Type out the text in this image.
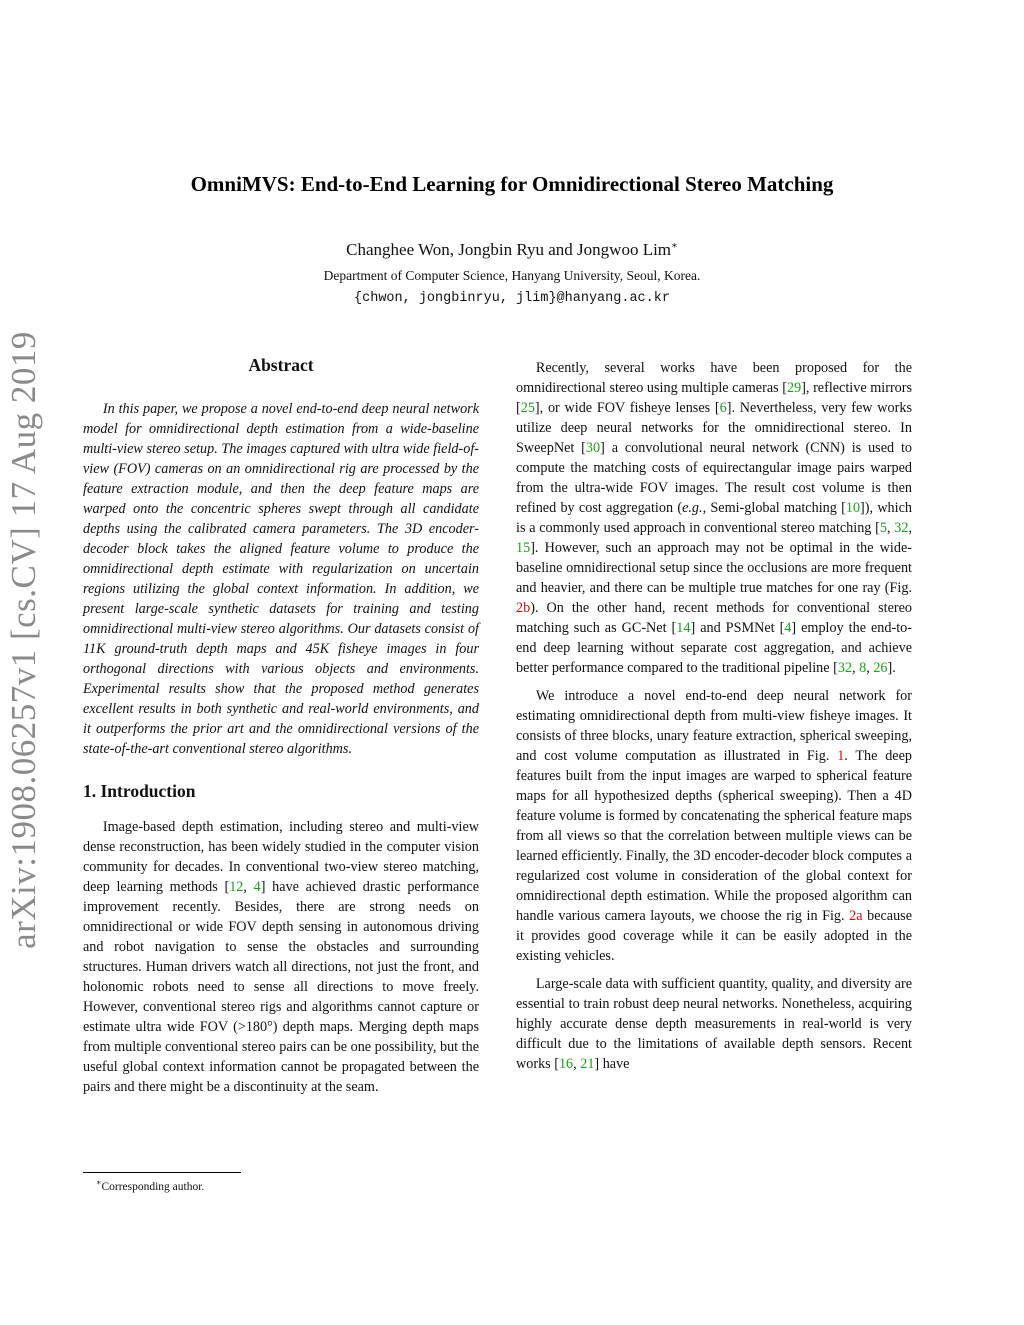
arXiv:1908.06257v1 [cs.CV] 17 Aug 2019
OmniMVS: End-to-End Learning for Omnidirectional Stereo Matching
Changhee Won, Jongbin Ryu and Jongwoo Lim∗
Department of Computer Science, Hanyang University, Seoul, Korea.
{chwon, jongbinryu, jlim}@hanyang.ac.kr
Abstract

In this paper, we propose a novel end-to-end deep neural network model for omnidirectional depth estimation from a wide-baseline multi-view stereo setup. The images captured with ultra wide field-of-view (FOV) cameras on an omnidirectional rig are processed by the feature extraction module, and then the deep feature maps are warped onto the concentric spheres swept through all candidate depths using the calibrated camera parameters. The 3D encoder-decoder block takes the aligned feature volume to produce the omnidirectional depth estimate with regularization on uncertain regions utilizing the global context information. In addition, we present large-scale synthetic datasets for training and testing omnidirectional multi-view stereo algorithms. Our datasets consist of 11K ground-truth depth maps and 45K fisheye images in four orthogonal directions with various objects and environments. Experimental results show that the proposed method generates excellent results in both synthetic and real-world environments, and it outperforms the prior art and the omnidirectional versions of the state-of-the-art conventional stereo algorithms.

1. Introduction

Image-based depth estimation, including stereo and multi-view dense reconstruction, has been widely studied in the computer vision community for decades. In conventional two-view stereo matching, deep learning methods [12, 4] have achieved drastic performance improvement recently. Besides, there are strong needs on omnidirectional or wide FOV depth sensing in autonomous driving and robot navigation to sense the obstacles and surrounding structures. Human drivers watch all directions, not just the front, and holonomic robots need to sense all directions to move freely. However, conventional stereo rigs and algorithms cannot capture or estimate ultra wide FOV (>180°) depth maps. Merging depth maps from multiple conventional stereo pairs can be one possibility, but the useful global context information cannot be propagated between the pairs and there might be a discontinuity at the seam.

Recently, several works have been proposed for the omnidirectional stereo using multiple cameras [29], reflective mirrors [25], or wide FOV fisheye lenses [6]. Nevertheless, very few works utilize deep neural networks for the omnidirectional stereo. In SweepNet [30] a convolutional neural network (CNN) is used to compute the matching costs of equirectangular image pairs warped from the ultra-wide FOV images. The result cost volume is then refined by cost aggregation (e.g., Semi-global matching [10]), which is a commonly used approach in conventional stereo matching [5, 32, 15]. However, such an approach may not be optimal in the wide-baseline omnidirectional setup since the occlusions are more frequent and heavier, and there can be multiple true matches for one ray (Fig. 2b). On the other hand, recent methods for conventional stereo matching such as GC-Net [14] and PSMNet [4] employ the end-to-end deep learning without separate cost aggregation, and achieve better performance compared to the traditional pipeline [32, 8, 26].

We introduce a novel end-to-end deep neural network for estimating omnidirectional depth from multi-view fisheye images. It consists of three blocks, unary feature extraction, spherical sweeping, and cost volume computation as illustrated in Fig. 1. The deep features built from the input images are warped to spherical feature maps for all hypothesized depths (spherical sweeping). Then a 4D feature volume is formed by concatenating the spherical feature maps from all views so that the correlation between multiple views can be learned efficiently. Finally, the 3D encoder-decoder block computes a regularized cost volume in consideration of the global context for omnidirectional depth estimation. While the proposed algorithm can handle various camera layouts, we choose the rig in Fig. 2a because it provides good coverage while it can be easily adopted in the existing vehicles.

Large-scale data with sufficient quantity, quality, and diversity are essential to train robust deep neural networks. Nonetheless, acquiring highly accurate dense depth measurements in real-world is very difficult due to the limitations of available depth sensors. Recent works [16, 21] have

∗Corresponding author.
